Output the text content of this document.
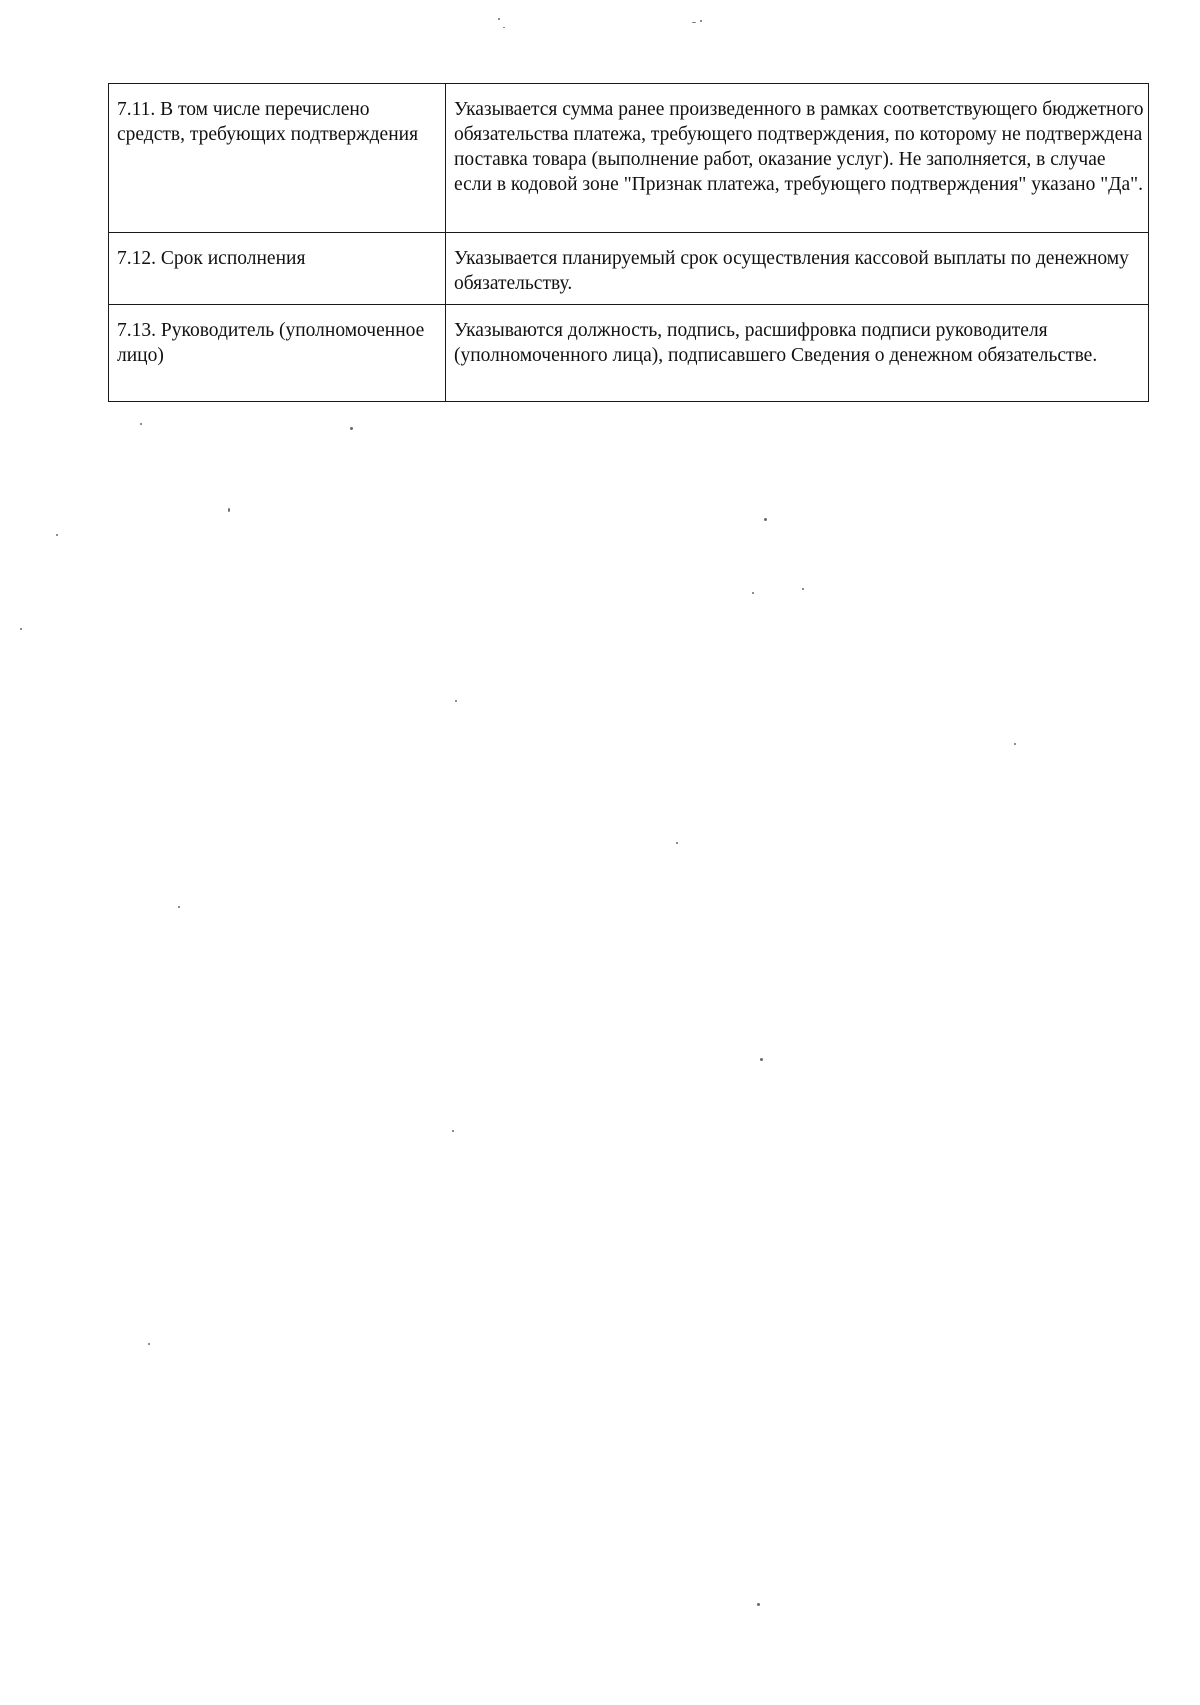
7.11. В том числе перечислено средств, требующих подтверждения	Указывается сумма ранее произведенного в рамках соответствующего бюджетного обязательства платежа, требующего подтверждения, по которому не подтверждена поставка товара (выполнение работ, оказание услуг). Не заполняется, в случае если в кодовой зоне "Признак платежа, требующего подтверждения" указано "Да".
7.12. Срок исполнения	Указывается планируемый срок осуществления кассовой выплаты по денежному обязательству.
7.13. Руководитель (уполномоченное лицо)	Указываются должность, подпись, расшифровка подписи руководителя (уполномоченного лица), подписавшего Сведения о денежном обязательстве.
